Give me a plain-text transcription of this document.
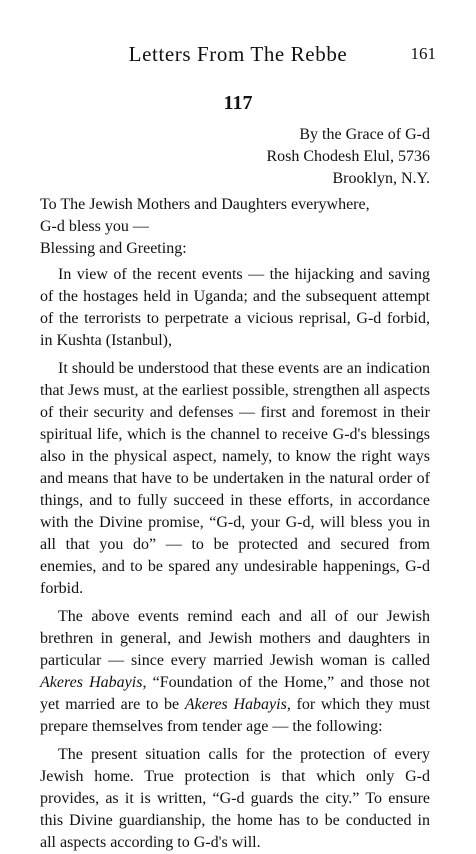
Letters From The Rebbe	161
117
By the Grace of G-d
Rosh Chodesh Elul, 5736
Brooklyn, N.Y.
To The Jewish Mothers and Daughters everywhere,
G-d bless you —
Blessing and Greeting:

In view of the recent events — the hijacking and saving of the hostages held in Uganda; and the subsequent attempt of the terrorists to perpetrate a vicious reprisal, G-d forbid, in Kushta (Istanbul),

It should be understood that these events are an indication that Jews must, at the earliest possible, strengthen all aspects of their security and defenses — first and foremost in their spiritual life, which is the channel to receive G-d's blessings also in the physical aspect, namely, to know the right ways and means that have to be undertaken in the natural order of things, and to fully succeed in these efforts, in accordance with the Divine promise, “G-d, your G-d, will bless you in all that you do” — to be protected and secured from enemies, and to be spared any undesirable happenings, G-d forbid.

The above events remind each and all of our Jewish brethren in general, and Jewish mothers and daughters in particular — since every married Jewish woman is called Akeres Habayis, “Foundation of the Home,” and those not yet married are to be Akeres Habayis, for which they must prepare themselves from tender age — the following:

The present situation calls for the protection of every Jewish home. True protection is that which only G-d provides, as it is written, “G-d guards the city.” To ensure this Divine guardianship, the home has to be conducted in all aspects according to G-d's will.
